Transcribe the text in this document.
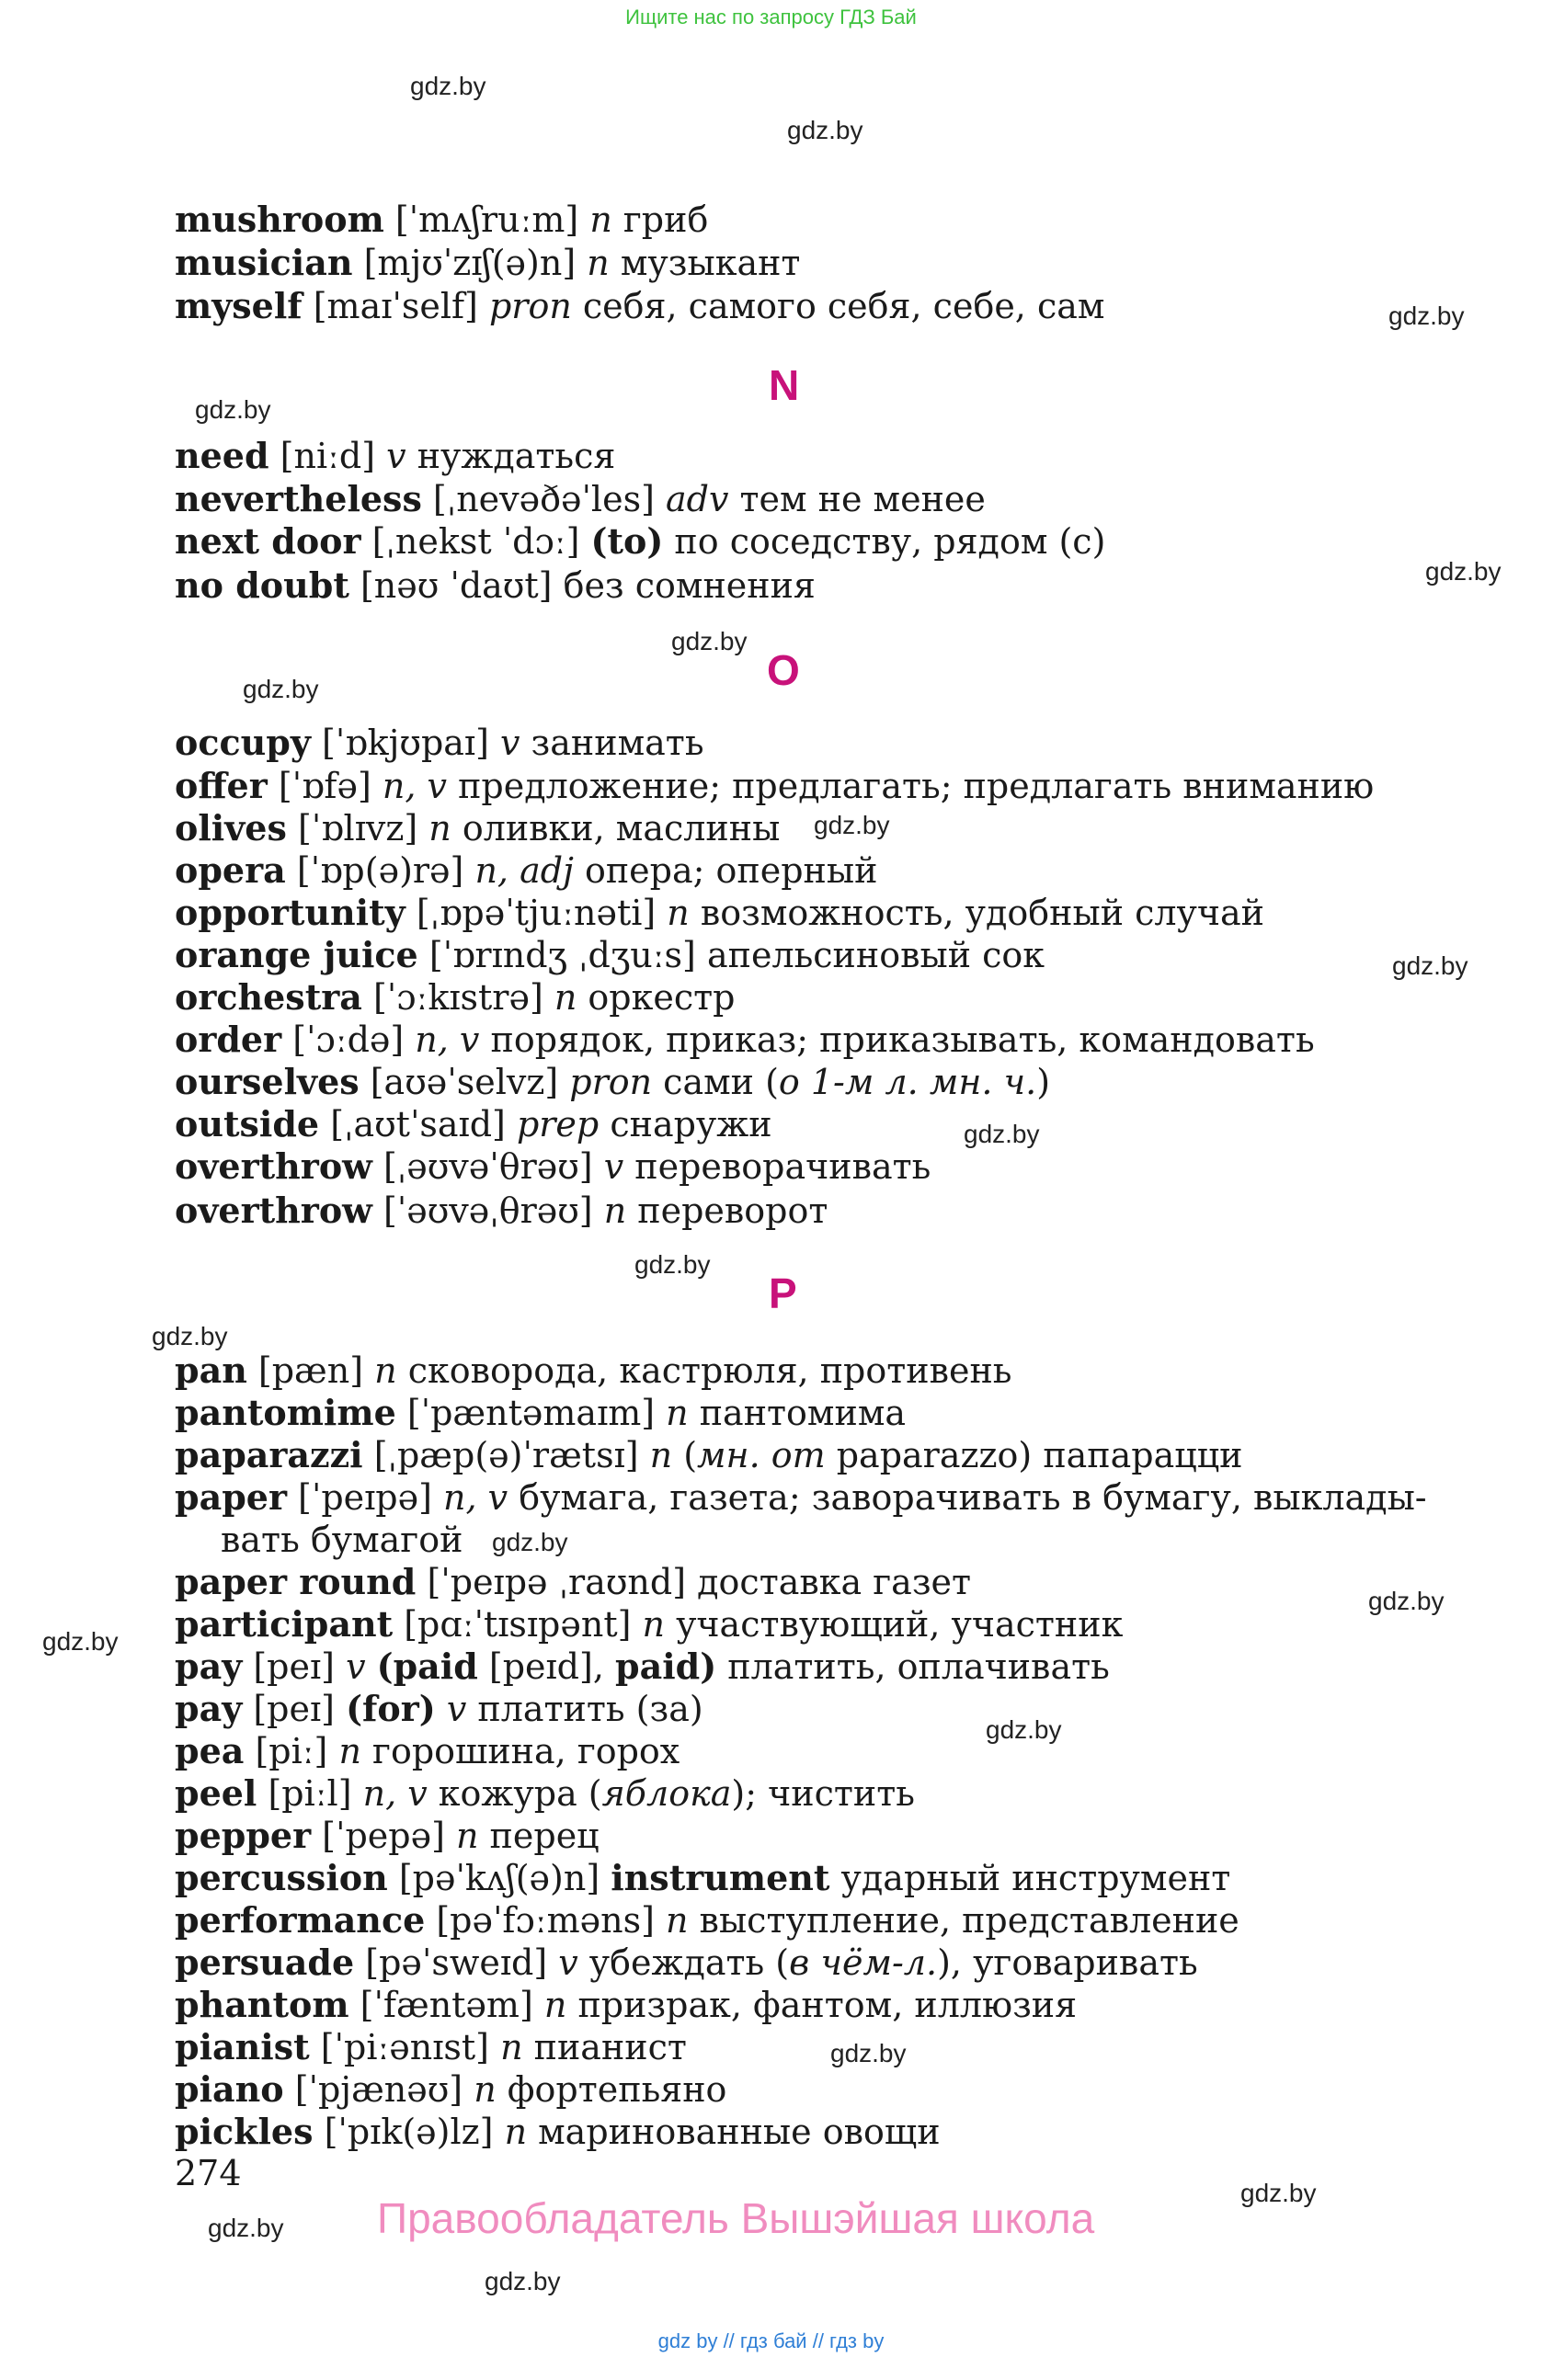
Ищите нас по запросу ГДЗ Бай
gdz.by
gdz.by
gdz.by
gdz.by
gdz.by
gdz.by
gdz.by
gdz.by
gdz.by
gdz.by
gdz.by
gdz.by
gdz.by
gdz.by
gdz.by
gdz.by
gdz.by
gdz.by
gdz.by
gdz.by
N
O
P
mushroom [ˈmʌʃruːm] n гриб
musician [mjʊˈzɪʃ(ə)n] n музыкант
myself [maɪˈself] pron себя, самого себя, себе, сам
need [niːd] v нуждаться
nevertheless [ˌnevəðəˈles] adv тем не менее
next door [ˌnekst ˈdɔː] (to) по соседству, рядом (с)
no doubt [nəʊ ˈdaʊt] без сомнения
occupy [ˈɒkjʊpaɪ] v занимать
offer [ˈɒfə] n, v предложение; предлагать; предлагать вниманию
olives [ˈɒlɪvz] n оливки, маслины
opera [ˈɒp(ə)rə] n, adj опера; оперный
opportunity [ˌɒpəˈtjuːnəti] n возможность, удобный случай
orange juice [ˈɒrɪndʒ ˌdʒuːs] апельсиновый сок
orchestra [ˈɔːkɪstrə] n оркестр
order [ˈɔːdə] n, v порядок, приказ; приказывать, командовать
ourselves [aʊəˈselvz] pron сами (о 1-м л. мн. ч.)
outside [ˌaʊtˈsaɪd] prep снаружи
overthrow [ˌəʊvəˈθrəʊ] v переворачивать
overthrow [ˈəʊvəˌθrəʊ] n переворот
pan [pæn] n сковорода, кастрюля, противень
pantomime [ˈpæntəmaɪm] n пантомима
paparazzi [ˌpæp(ə)ˈrætsɪ] n (мн. от paparazzo) папарацци
paper [ˈpeɪpə] n, v бумага, газета; заворачивать в бумагу, выклады-
вать бумагой
paper round [ˈpeɪpə ˌraʊnd] доставка газет
participant [pɑːˈtɪsɪpənt] n участвующий, участник
pay [peɪ] v (paid [peɪd], paid) платить, оплачивать
pay [peɪ] (for) v платить (за)
pea [piː] n горошина, горох
peel [piːl] n, v кожура (яблока); чистить
pepper [ˈpepə] n перец
percussion [pəˈkʌʃ(ə)n] instrument ударный инструмент
performance [pəˈfɔːməns] n выступление, представление
persuade [pəˈsweɪd] v убеждать (в чём-л.), уговаривать
phantom [ˈfæntəm] n призрак, фантом, иллюзия
pianist [ˈpiːənɪst] n пианист
piano [ˈpjænəʊ] n фортепьяно
pickles [ˈpɪk(ə)lz] n маринованные овощи
274
Правообладатель Вышэйшая школа
gdz by // гдз бай // гдз by
